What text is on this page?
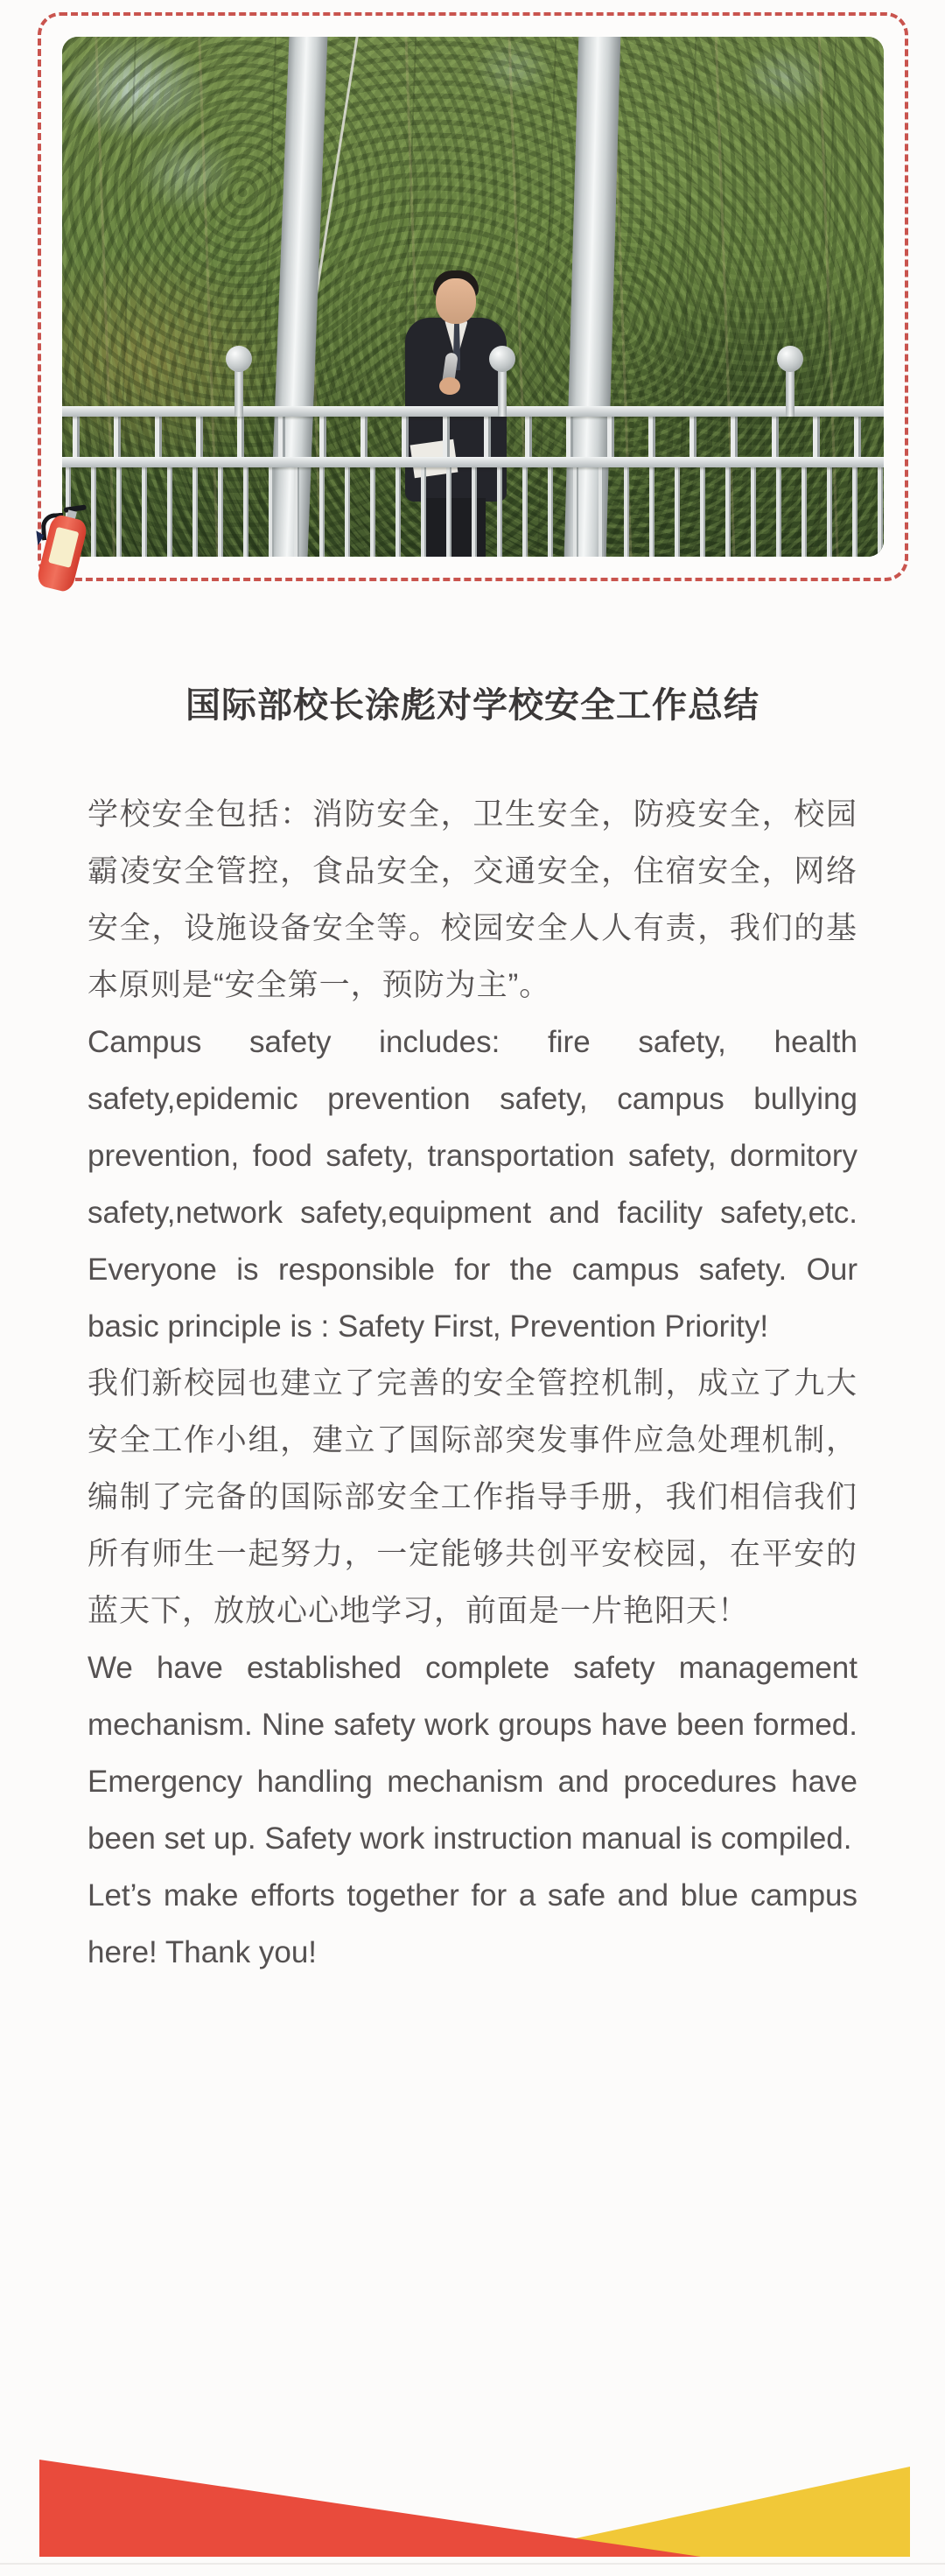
国际部校长涂彪对学校安全工作总结

学校安全包括：消防安全，卫生安全，防疫安全，校园霸凌安全管控，食品安全，交通安全，住宿安全，网络安全，设施设备安全等。校园安全人人有责，我们的基本原则是“安全第一，预防为主”。

Campus safety includes: fire safety, health safety,epidemic prevention safety, campus bullying prevention, food safety, transportation safety, dormitory safety,network safety,equipment and facility safety,etc. Everyone is responsible for the campus safety. Our basic principle is : Safety First, Prevention Priority!

我们新校园也建立了完善的安全管控机制，成立了九大安全工作小组，建立了国际部突发事件应急处理机制，编制了完备的国际部安全工作指导手册，我们相信我们所有师生一起努力，一定能够共创平安校园，在平安的蓝天下，放放心心地学习，前面是一片艳阳天！

We have established complete safety management mechanism. Nine safety work groups have been formed. Emergency handling mechanism and procedures have been set up. Safety work instruction manual is compiled.

Let’s make efforts together for a safe and blue campus here! Thank you!
